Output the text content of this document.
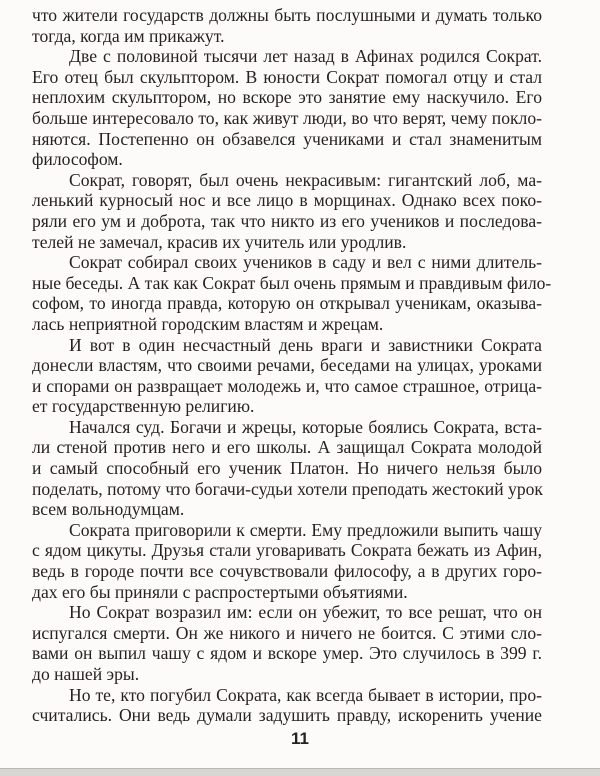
что жители государств должны быть послушными и думать только
тогда, когда им прикажут.
Две с половиной тысячи лет назад в Афинах родился Сократ.
Его отец был скульптором. В юности Сократ помогал отцу и стал
неплохим скульптором, но вскоре это занятие ему наскучило. Его
больше интересовало то, как живут люди, во что верят, чему покло-
няются. Постепенно он обзавелся учениками и стал знаменитым
философом.
Сократ, говорят, был очень некрасивым: гигантский лоб, ма-
ленький курносый нос и все лицо в морщинах. Однако всех поко-
ряли его ум и доброта, так что никто из его учеников и последова-
телей не замечал, красив их учитель или уродлив.
Сократ собирал своих учеников в саду и вел с ними длитель-
ные беседы. А так как Сократ был очень прямым и правдивым фило-
софом, то иногда правда, которую он открывал ученикам, оказыва-
лась неприятной городским властям и жрецам.
И вот в один несчастный день враги и завистники Сократа
донесли властям, что своими речами, беседами на улицах, уроками
и спорами он развращает молодежь и, что самое страшное, отрица-
ет государственную религию.
Начался суд. Богачи и жрецы, которые боялись Сократа, вста-
ли стеной против него и его школы. А защищал Сократа молодой
и самый способный его ученик Платон. Но ничего нельзя было
поделать, потому что богачи-судьи хотели преподать жестокий урок
всем вольнодумцам.
Сократа приговорили к смерти. Ему предложили выпить чашу
с ядом цикуты. Друзья стали уговаривать Сократа бежать из Афин,
ведь в городе почти все сочувствовали философу, а в других горо-
дах его бы приняли с распростертыми объятиями.
Но Сократ возразил им: если он убежит, то все решат, что он
испугался смерти. Он же никого и ничего не боится. С этими сло-
вами он выпил чашу с ядом и вскоре умер. Это случилось в 399 г.
до нашей эры.
Но те, кто погубил Сократа, как всегда бывает в истории, про-
считались. Они ведь думали задушить правду, искоренить учение
11
